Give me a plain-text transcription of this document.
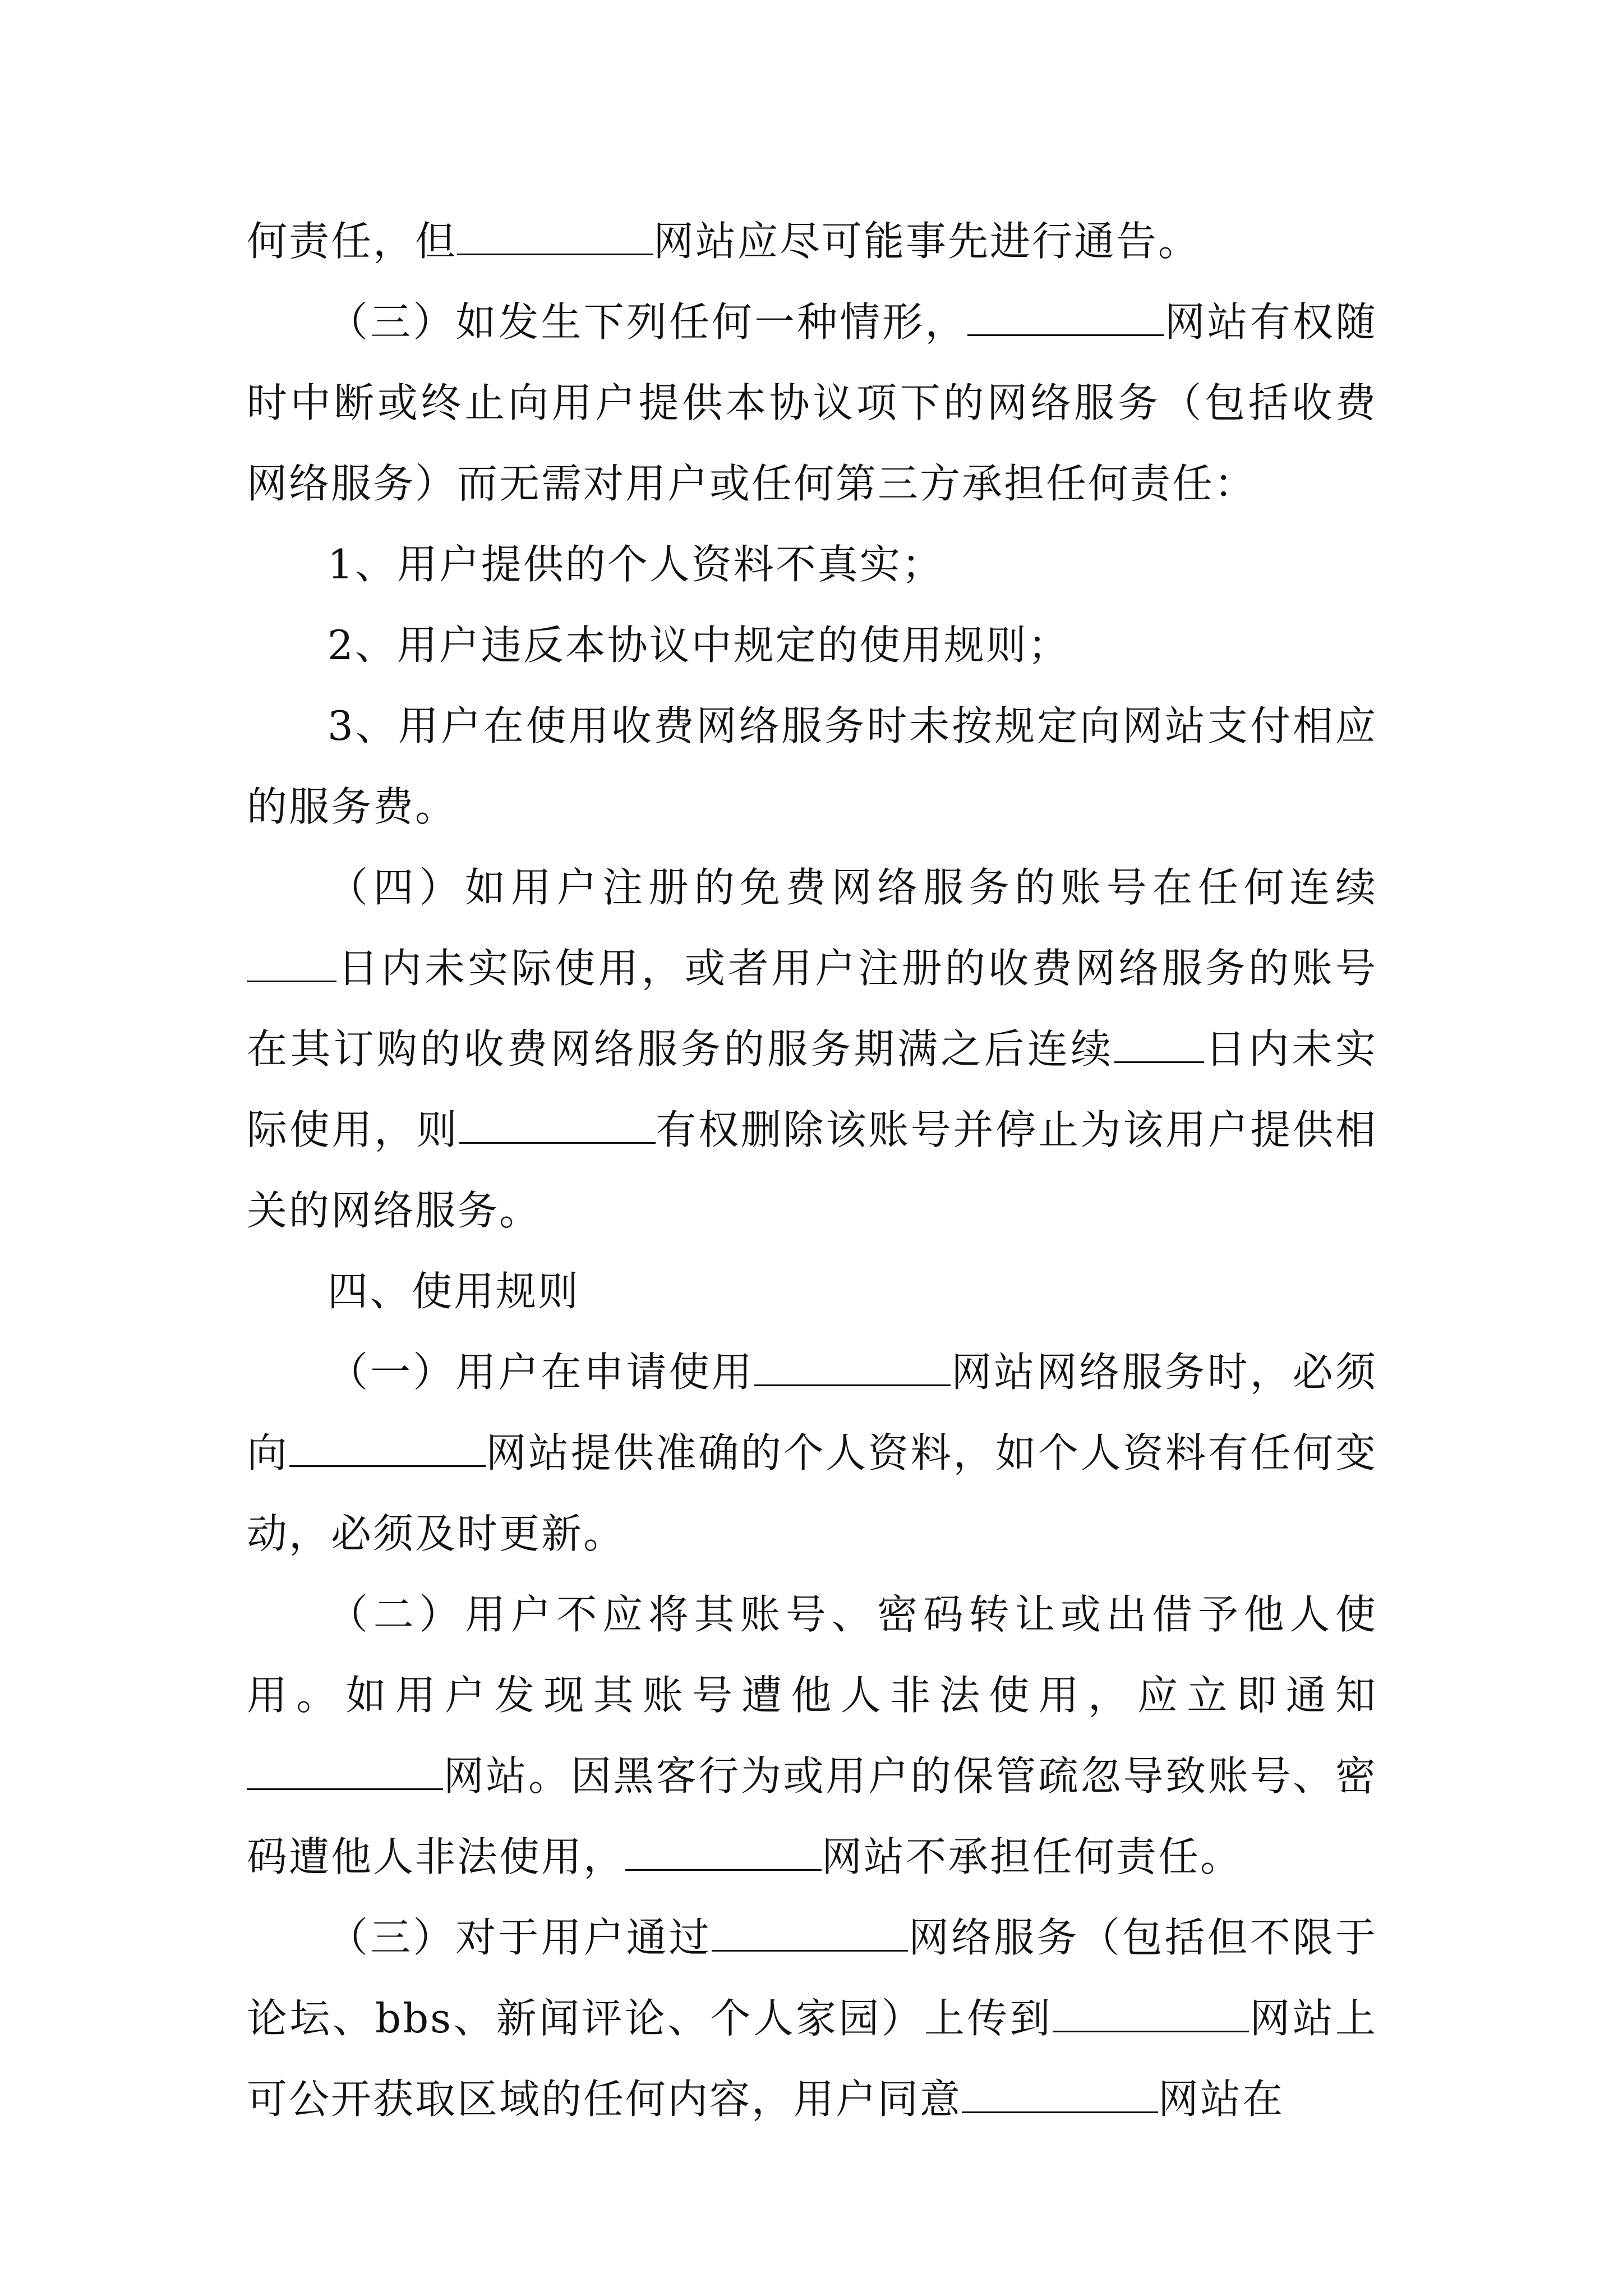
何责任，但	网站应尽可能事先进行通告。

（三）如发生下列任何一种情形，	网站有权随时中断或终止向用户提供本协议项下的网络服务（包括收费网络服务）而无需对用户或任何第三方承担任何责任：

1、用户提供的个人资料不真实；

2、用户违反本协议中规定的使用规则；

3、用户在使用收费网络服务时未按规定向网站支付相应的服务费。

（四）如用户注册的免费网络服务的账号在任何连续日内未实际使用，或者用户注册的收费网络服务的账号在其订购的收费网络服务的服务期满之后连续 日内未实际使用，则	有权删除该账号并停止为该用户提供相关的网络服务。

四、使用规则

（一）用户在申请使用	网站网络服务时，必须向	网站提供准确的个人资料，如个人资料有任何变动，必须及时更新。

（二）用户不应将其账号、密码转让或出借予他人使用。如用户发现其账号遭他人非法使用，应立即通知网站。因黑客行为或用户的保管疏忽导致账号、密码遭他人非法使用，	网站不承担任何责任。

（三）对于用户通过	网络服务（包括但不限于论坛、bbs、新闻评论、个人家园）上传到	网站上可公开获取区域的任何内容，用户同意	网站在
